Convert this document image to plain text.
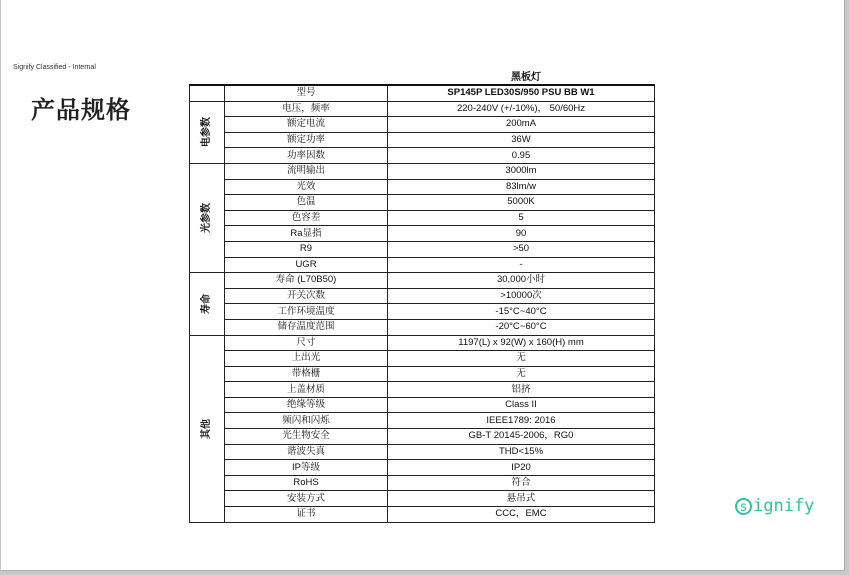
Signify Classified - Internal
产品规格
黑板灯
	型号	SP145P LED30S/950 PSU BB W1
电参数	电压，频率	220-240V (+/-10%)， 50/60Hz
	额定电流	200mA
	额定功率	36W
	功率因数	0.95
光参数	流明输出	3000lm
	光效	83lm/w
	色温	5000K
	色容差	5
	Ra显指	90
	R9	>50
	UGR	-
寿命	寿命 (L70B50)	30,000小时
	开关次数	>10000次
	工作环境温度	-15°C~40°C
	储存温度范围	-20°C~60°C
其他	尺寸	1197(L) x 92(W) x 160(H) mm
	上出光	无
	带格栅	无
	上盖材质	铝挤
	绝缘等级	Class II
	频闪和闪烁	IEEE1789: 2016
	光生物安全	GB-T 20145-2006，RG0
	谐波失真	THD<15%
	IP等级	IP20
	RoHS	符合
	安装方式	悬吊式
	证书	CCC，EMC	s ignify
